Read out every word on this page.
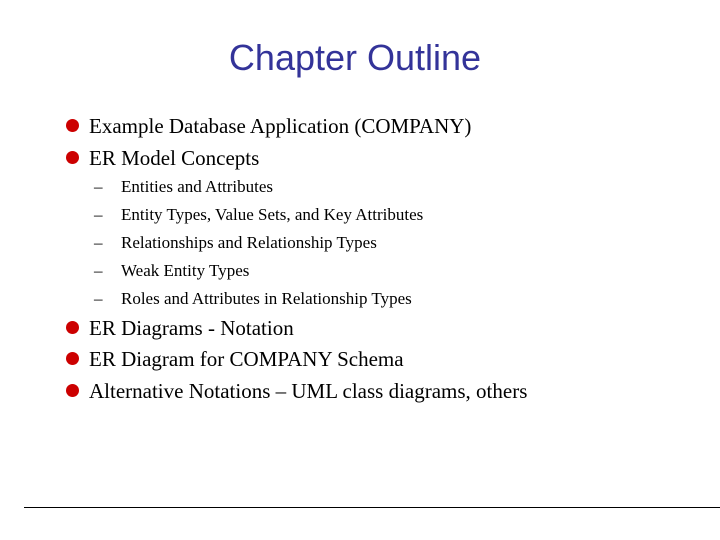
Chapter Outline
Example Database Application (COMPANY)
ER Model Concepts
– Entities and Attributes
– Entity Types, Value Sets, and Key Attributes
– Relationships and Relationship Types
– Weak Entity Types
– Roles and Attributes in Relationship Types
ER Diagrams - Notation
ER Diagram for COMPANY Schema
Alternative Notations – UML class diagrams, others
